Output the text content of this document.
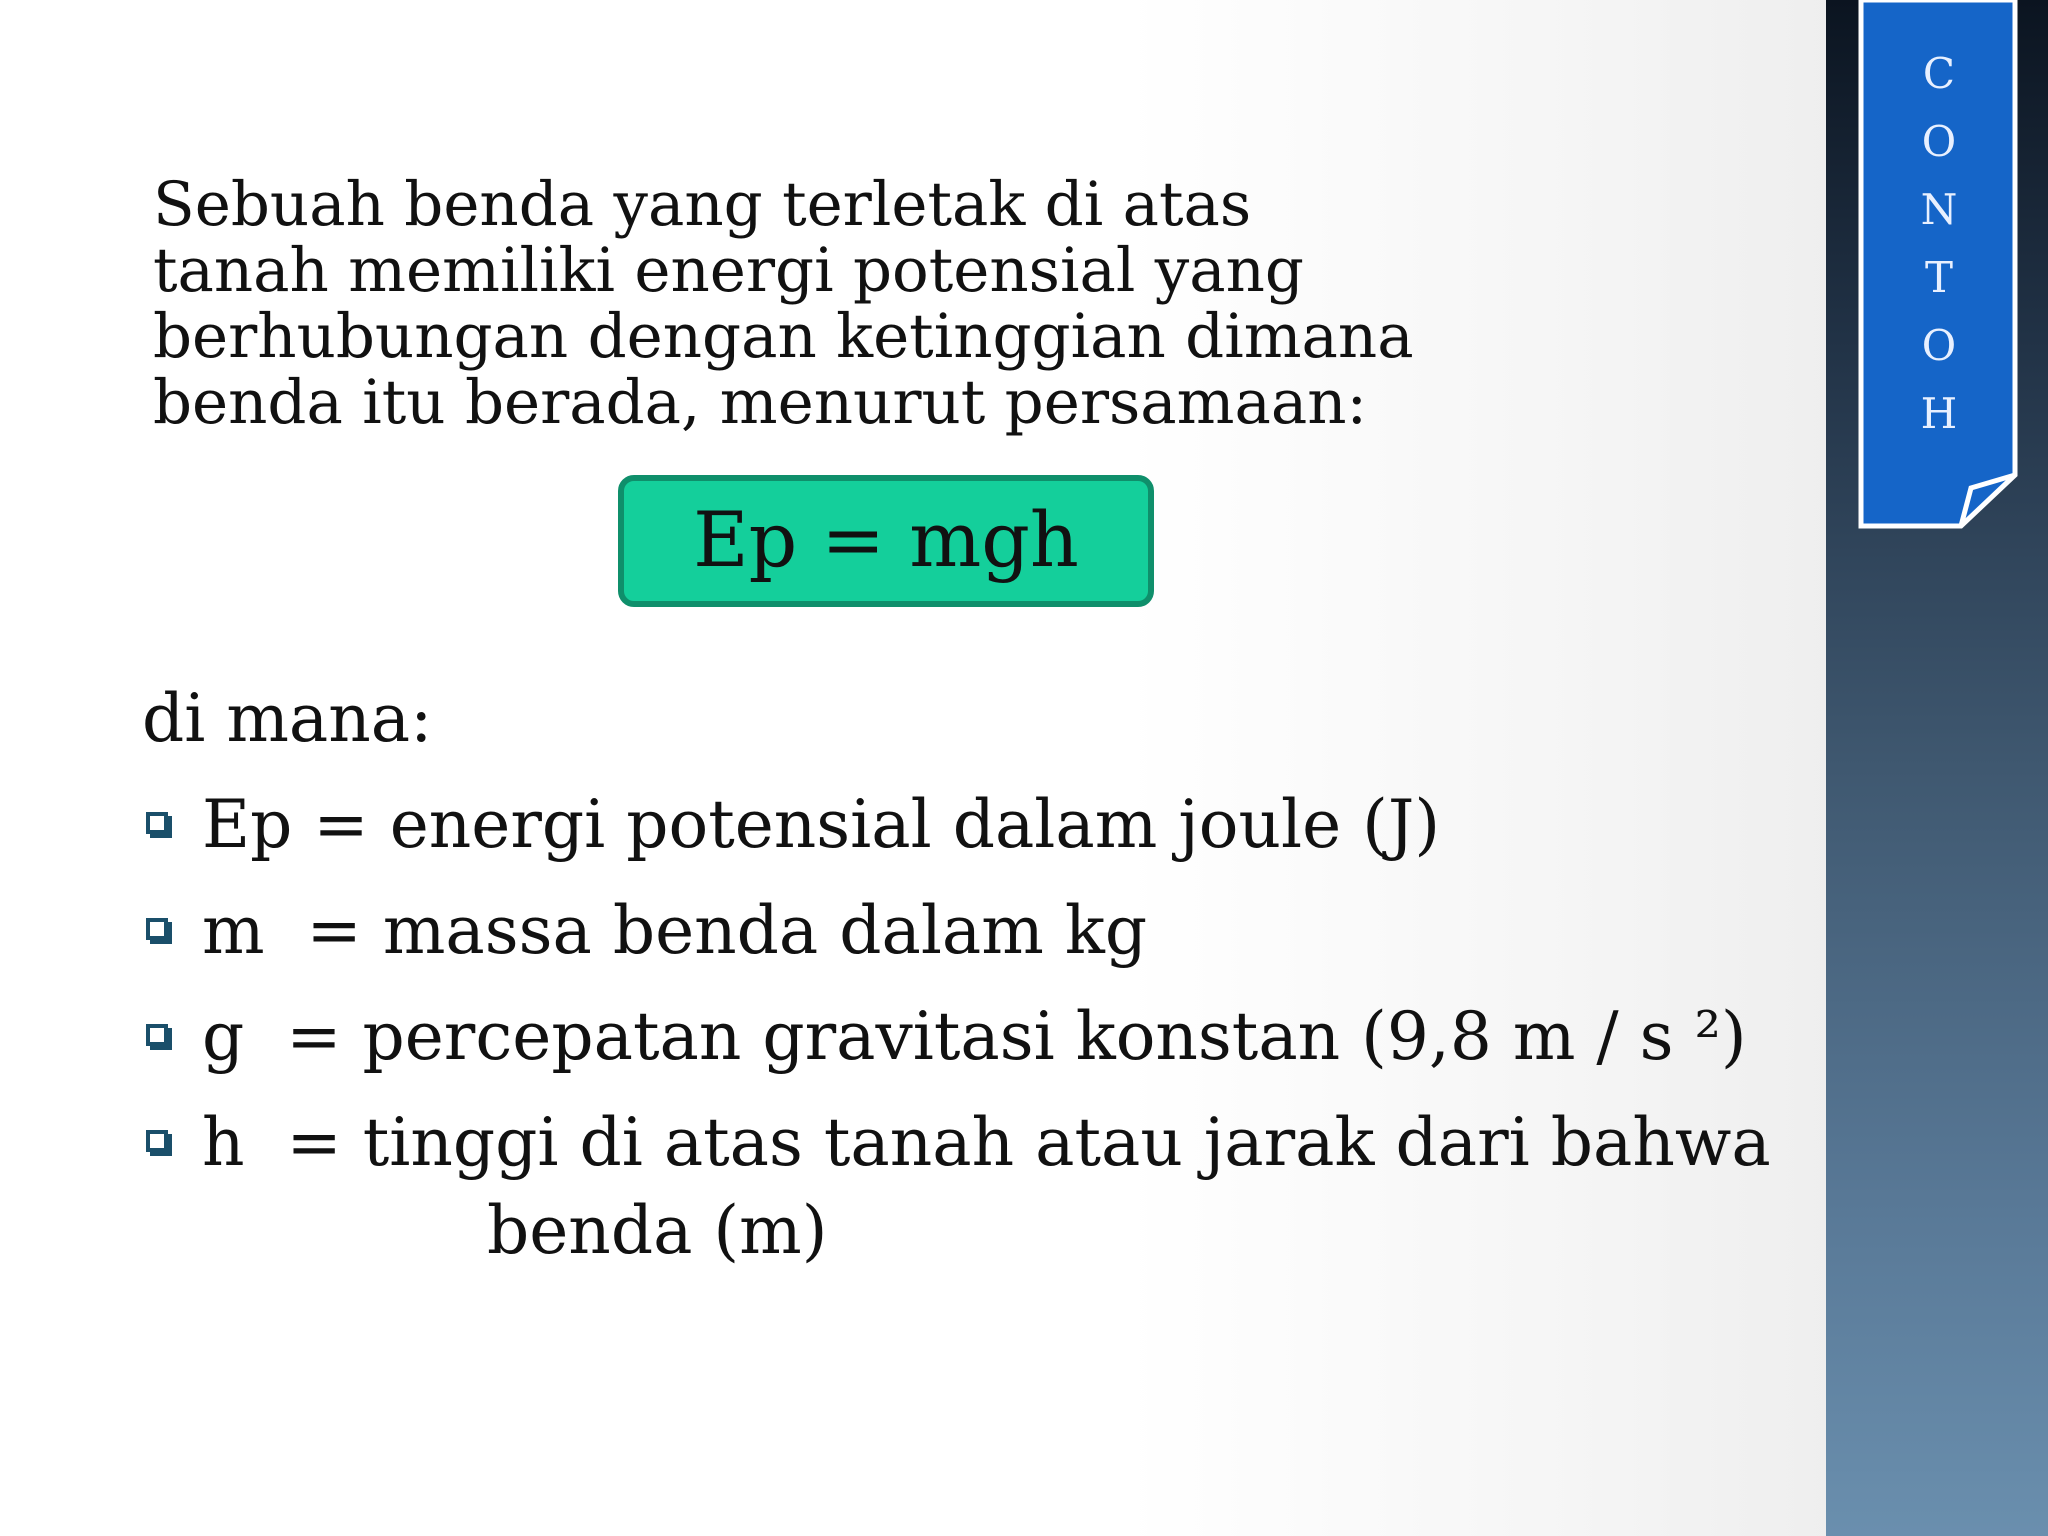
C
O
N
T
O
H
Sebuah benda yang terletak di atas
tanah memiliki energi potensial yang
berhubungan dengan ketinggian dimana
benda itu berada, menurut persamaan:
Ep = mgh
di mana:
Ep = energi potensial dalam joule (J)
m  = massa benda dalam kg
g  = percepatan gravitasi konstan (9,8 m / s ²)
h  = tinggi di atas tanah atau jarak dari bahwa
benda (m)
